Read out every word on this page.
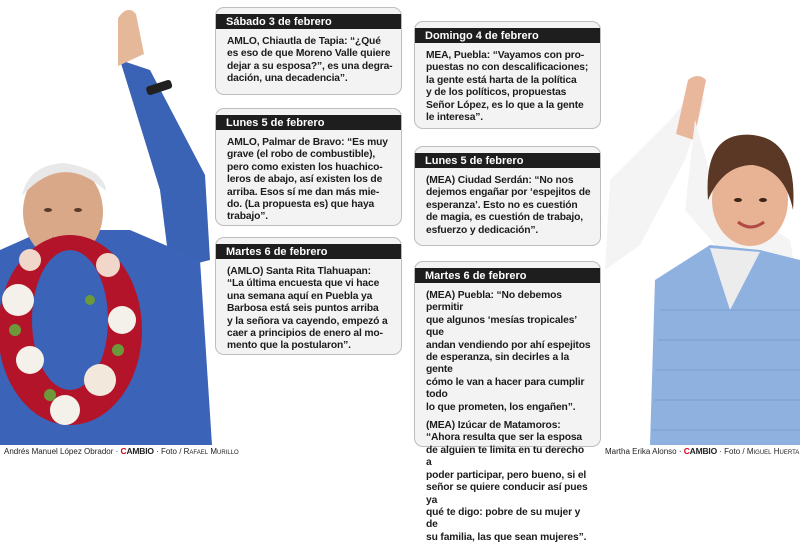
Sábado 3 de febrero

AMLO, Chiautla de Tapia: “¿Qué
es eso de que Moreno Valle quiere
dejar a su esposa?”, es una degra-
dación, una decadencia”.

Domingo 4 de febrero

MEA, Puebla: “Vayamos con pro-
puestas no con descalificaciones;
la gente está harta de la política
y de los políticos, propuestas
Señor López, es lo que a la gente
le interesa”.

Lunes 5 de febrero

AMLO, Palmar de Bravo: “Es muy
grave (el robo de combustible),
pero como existen los huachico-
leros de abajo, así existen los de
arriba. Esos sí me dan más mie-
do. (La propuesta es) que haya
trabajo”.

Lunes 5 de febrero

(MEA) Ciudad Serdán: “No nos
dejemos engañar por ‘espejitos de
esperanza’. Esto no es cuestión
de magia, es cuestión de trabajo,
esfuerzo y dedicación”.

Martes 6 de febrero

(AMLO) Santa Rita Tlahuapan:
“La última encuesta que vi hace
una semana aquí en Puebla ya
Barbosa está seis puntos arriba
y la señora va cayendo, empezó a
caer a principios de enero al mo-
mento que la postularon”.

Martes 6 de febrero

(MEA) Puebla: “No debemos permitir
que algunos ‘mesías tropicales’ que
andan vendiendo por ahí espejitos
de esperanza, sin decirles a la gente
cómo le van a hacer para cumplir todo
lo que prometen, los engañen”.

(MEA) Izúcar de Matamoros:
“Ahora resulta que ser la esposa
de alguien te limita en tu derecho a
poder participar, pero bueno, si el
señor se quiere conducir así pues ya
qué te digo: pobre de su mujer y de
su familia, las que sean mujeres”.

Andrés Manuel López Obrador · CAMBIO · Foto / Rafael Murillo	Martha Erika Alonso · CAMBIO · Foto / Miguel Huerta
